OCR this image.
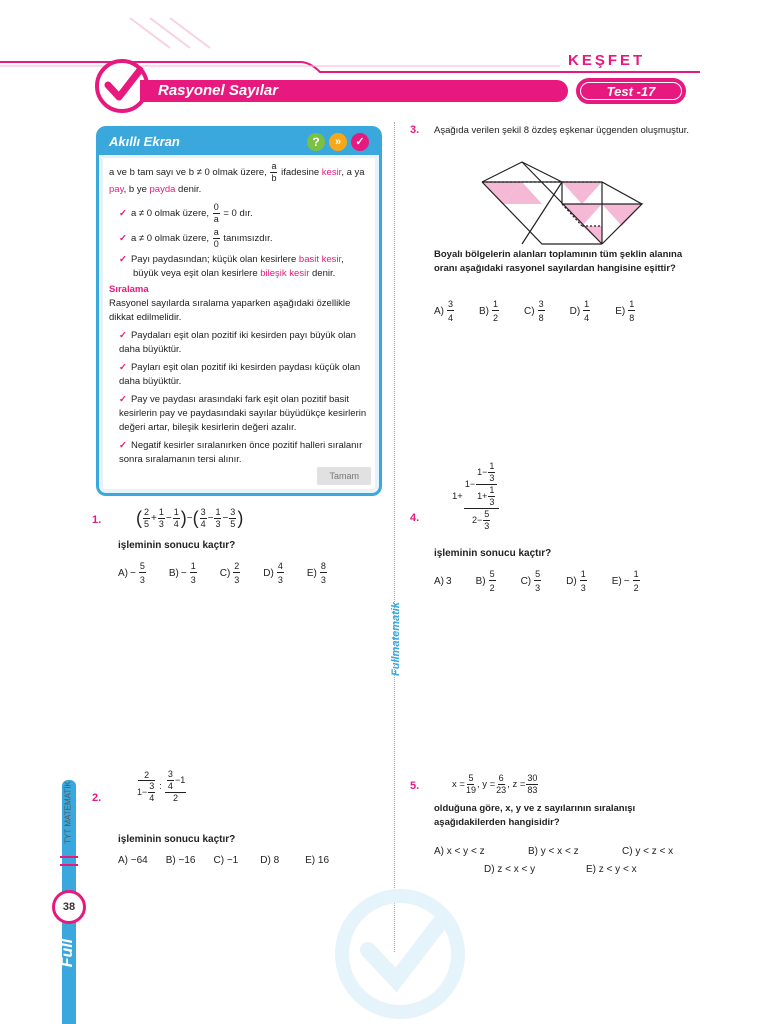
Rasyonel Sayılar
KEŞFET
Test -17
Fullmatematik
TYT MATEMATİK
38
Full
Akıllı Ekran	?	»	✓
a ve b tam sayı ve b ≠ 0 olmak üzere, $\frac{a}{b}$ ifadesine kesir, a ya pay, b ye payda denir.
✓ a ≠ 0 olmak üzere, $\frac{0}{a} = 0$ dır.
✓ a ≠ 0 olmak üzere, $\frac{a}{0}$ tanımsızdır.
✓ Payı paydasından; küçük olan kesirlere basit kesir,
büyük veya eşit olan kesirlere bileşik kesir denir.
Sıralama
Rasyonel sayılarda sıralama yaparken aşağıdaki özellikle dikkat edilmelidir.
✓ Paydaları eşit olan pozitif iki kesirden payı büyük olan daha büyüktür.
✓ Payları eşit olan pozitif iki kesirden paydası küçük olan daha büyüktür.
✓ Pay ve paydası arasındaki fark eşit olan pozitif basit kesirlerin pay ve paydasındaki sayılar büyüdükçe kesirlerin değeri artar, bileşik kesirlerin değeri azalır.
✓ Negatif kesirler sıralanırken önce pozitif halleri sıralanır sonra sıralamanın tersi alınır.
Tamam
1. ( $\frac{2}{5} + \frac{1}{3} - \frac{1}{4}$ ) − ( $\frac{3}{4} - \frac{1}{3} - \frac{3}{5}$ )
işleminin sonucu kaçtır?
$A) - \frac{5}{3} B) - \frac{1}{3} C) \frac{2}{3} D) \frac{4}{3} E) \frac{8}{3}$
2.	$\frac{2}{1- \frac{3}{4}}$ : $\frac{\frac{3}{4} -1}{2}$
işleminin sonucu kaçtır?
A) −64 B) −16 C) −1 D) 8	E) 16
3. Aşağıda verilen şekil 8 özdeş eşkenar üçgenden oluşmuştur.
Boyalı bölgelerin alanları toplamının tüm şeklin alanına oranı aşağıdaki rasyonel sayılardan hangisine eşittir?
$A) \frac{3}{4}$	$B) \frac{1}{2}$	$C) \frac{3}{8}$	$D) \frac{1}{4}$	$E) \frac{1}{8}$
4.
$1+ \frac{1- \frac{1- \frac{1}{3}}{1+ \frac{1}{3}}}{2- \frac{5}{3}}$
işleminin sonucu kaçtır?
A) 3 $B) \frac{5}{2}$	$C) \frac{5}{3}$	$D) \frac{1}{3}$	$E) - \frac{1}{2}$
5.	$x = \frac{5}{19}$ , $y = \frac{6}{23}$ , $z = \frac{30}{83}$
olduğuna göre, x, y ve z sayılarının sıralanışı aşağıdakilerden hangisidir?
A) x < y < z	B) y < x < z	C) y < z < x
D) z < x < y	E) z < y < x
